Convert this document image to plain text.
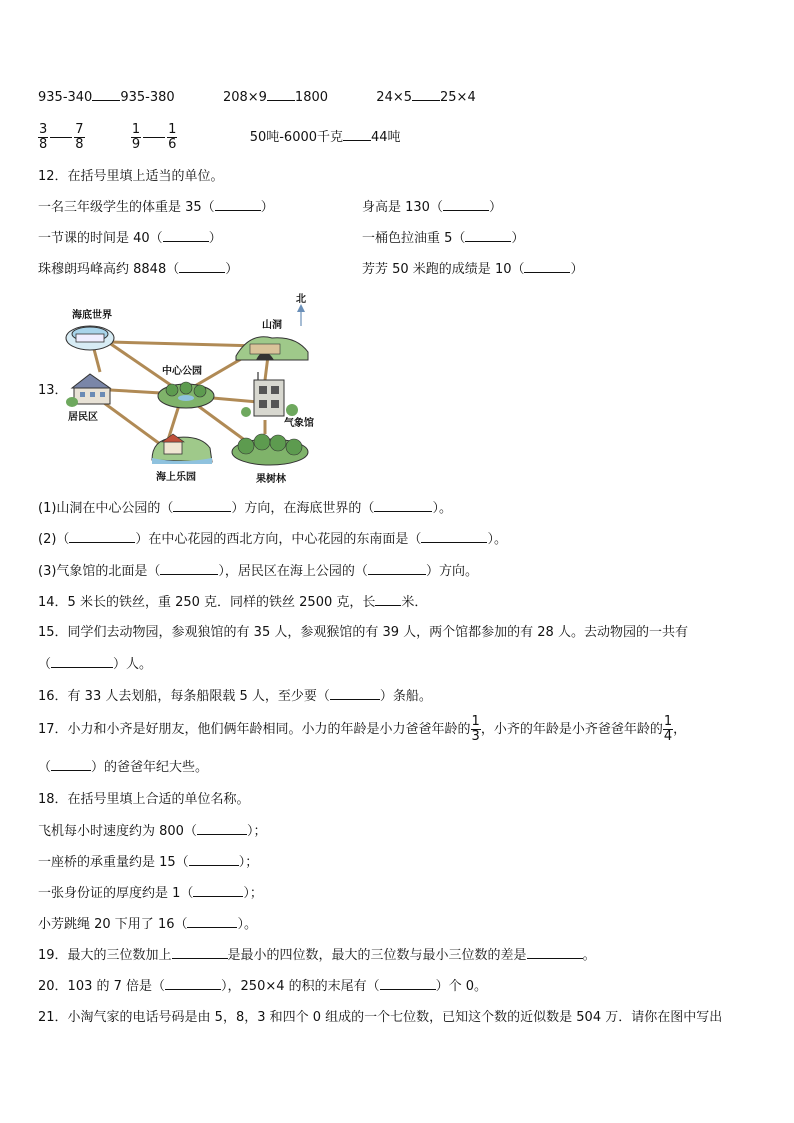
935-340 935-380	208×9 1800	24×5 25×4
$\frac{3}{8} \frac{7}{8}$
	$\frac{1}{9} \frac{1}{6}$	50吨-6000千克 44吨
12．在括号里填上适当的单位。
一名三年级学生的体重是 35（	）	身高是 130（	）
一节课的时间是 40（	）	一桶色拉油重 5（	）
珠穆朗玛峰高约 8848（	）	芳芳 50 米跑的成绩是 10（	）
13．
海底世界
山洞
北
中心公园
居民区
气象馆
海上乐园	果树林
(1)山洞在中心公园的（	）方向，在海底世界的（	）。
(2)（	）在中心花园的西北方向，中心花园的东南面是（	）。
(3)气象馆的北面是（	），居民区在海上公园的（	）方向。
14．5 米长的铁丝，重 250 克．同样的铁丝 2500 克，长 米．
15．同学们去动物园，参观狼馆的有 35 人，参观猴馆的有 39 人，两个馆都参加的有 28 人。去动物园的一共有
（	）人。
16．有 33 人去划船，每条船限载 5 人，至少要（	）条船。
17．小力和小齐是好朋友，他们俩年龄相同。小力的年龄是小力爸爸年龄的 $\frac{1}{3}$ ，小齐的年龄是小齐爸爸年龄的 $\frac{1}{4}$ ，
（	）的爸爸年纪大些。
18．在括号里填上合适的单位名称。
飞机每小时速度约为 800（	）；
一座桥的承重量约是 15（	）；
一张身份证的厚度约是 1（	）；
小芳跳绳 20 下用了 16（	）。
19．最大的三位数加上	是最小的四位数，最大的三位数与最小三位数的差是	。
20．103 的 7 倍是（	），250×4 的积的末尾有（	）个 0。
21．小淘气家的电话号码是由 5，8，3 和四个 0 组成的一个七位数，已知这个数的近似数是 504 万．请你在图中写出
